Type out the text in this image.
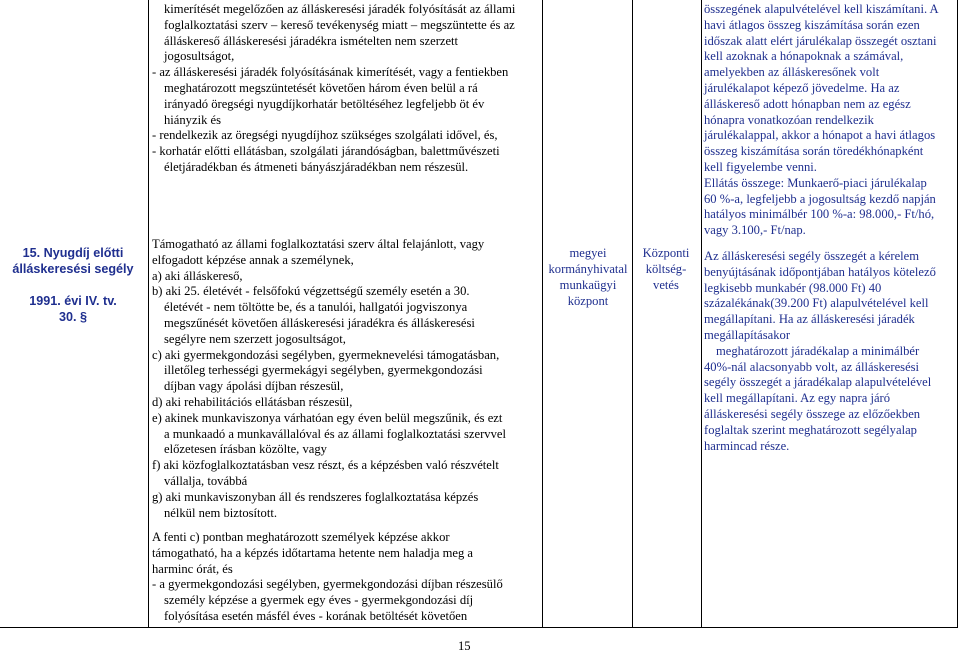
15. Nyugdíj előtti
álláskeresési segély

1991. évi IV. tv.
30. §

kimerítését megelőzően az álláskeresési járadék folyósítását az állami

foglalkoztatási szerv – kereső tevékenység miatt – megszüntette és az

álláskereső álláskeresési járadékra ismételten nem szerzett

jogosultságot,

- az álláskeresési járadék folyósításának kimerítését, vagy a fentiekben

meghatározott megszüntetését követően három éven belül a rá

irányadó öregségi nyugdíjkorhatár betöltéséhez legfeljebb öt év

hiányzik és

- rendelkezik az öregségi nyugdíjhoz szükséges szolgálati idővel, és,

- korhatár előtti ellátásban, szolgálati járandóságban, balettművészeti

életjáradékban és átmeneti bányászjáradékban nem részesül.

Támogatható az állami foglalkoztatási szerv által felajánlott, vagy

elfogadott képzése annak a személynek,

a) aki álláskereső,

b) aki 25. életévét - felsőfokú végzettségű személy esetén a 30.

életévét - nem töltötte be, és a tanulói, hallgatói jogviszonya

megszűnését követően álláskeresési járadékra és álláskeresési

segélyre nem szerzett jogosultságot,

c) aki gyermekgondozási segélyben, gyermeknevelési támogatásban,

illetőleg terhességi gyermekágyi segélyben, gyermekgondozási

díjban vagy ápolási díjban részesül,

d) aki rehabilitációs ellátásban részesül,

e) akinek munkaviszonya várhatóan egy éven belül megszűnik, és ezt

a munkaadó a munkavállalóval és az állami foglalkoztatási szervvel

előzetesen írásban közölte, vagy

f) aki közfoglalkoztatásban vesz részt, és a képzésben való részvételt

vállalja, továbbá

g) aki munkaviszonyban áll és rendszeres foglalkoztatása képzés

nélkül nem biztosított.

A fenti c) pontban meghatározott személyek képzése akkor

támogatható, ha a képzés időtartama hetente nem haladja meg a

harminc órát, és

- a gyermekgondozási segélyben, gyermekgondozási díjban részesülő

személy képzése a gyermek egy éves - gyermekgondozási díj

folyósítása esetén másfél éves - korának betöltését követően

megyei
kormányhivatal
munkaügyi
központ
Központi
költség-
vetés

összegének alapulvételével kell kiszámítani. A

havi átlagos összeg kiszámítása során ezen

időszak alatt elért járulékalap összegét osztani

kell azoknak a hónapoknak a számával,

amelyekben az álláskeresőnek volt

járulékalapot képező jövedelme. Ha az

álláskereső adott hónapban nem az egész

hónapra vonatkozóan rendelkezik

járulékalappal, akkor a hónapot a havi átlagos

összeg kiszámítása során töredékhónapként

kell figyelembe venni.

Ellátás összege: Munkaerő-piaci járulékalap

60 %-a, legfeljebb a jogosultság kezdő napján

hatályos minimálbér 100 %-a: 98.000,- Ft/hó,

vagy 3.100,- Ft/nap.

Az álláskeresési segély összegét a kérelem

benyújtásának időpontjában hatályos kötelező

legkisebb munkabér (98.000 Ft) 40

százalékának(39.200 Ft) alapulvételével kell

megállapítani. Ha az álláskeresési járadék

megállapításakor

meghatározott járadékalap a minimálbér

40%-nál alacsonyabb volt, az álláskeresési

segély összegét a járadékalap alapulvételével

kell megállapítani. Az egy napra járó

álláskeresési segély összege az előzőekben

foglaltak szerint meghatározott segélyalap

harmincad része.

15
